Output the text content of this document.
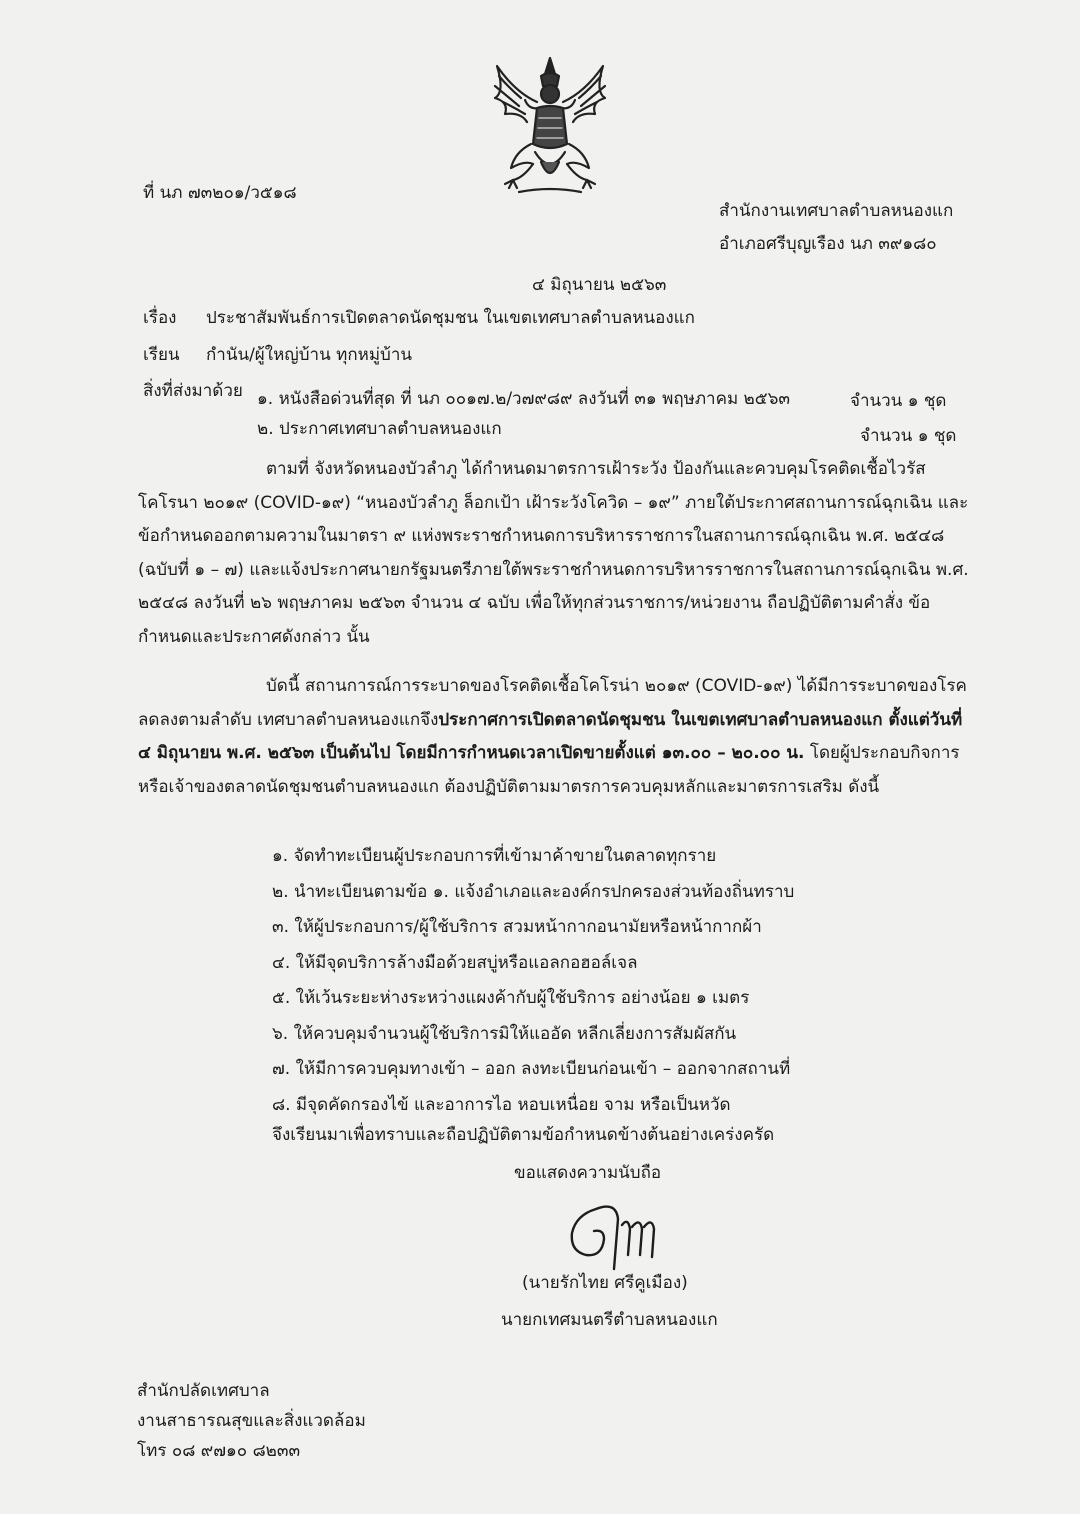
ที่ นภ ๗๓๒๐๑/ว๕๑๘
สำนักงานเทศบาลตำบลหนองแก
อำเภอศรีบุญเรือง นภ ๓๙๑๘๐
๔ มิถุนายน ๒๕๖๓
เรื่อง ประชาสัมพันธ์การเปิดตลาดนัดชุมชน ในเขตเทศบาลตำบลหนองแก
เรียน กำนัน/ผู้ใหญ่บ้าน ทุกหมู่บ้าน
สิ่งที่ส่งมาด้วย ๑. หนังสือด่วนที่สุด ที่ นภ ๐๐๑๗.๒/ว๗๙๘๙ ลงวันที่ ๓๑ พฤษภาคม ๒๕๖๓	จำนวน ๑ ชุด
๒. ประกาศเทศบาลตำบลหนองแก	จำนวน ๑ ชุด

ตามที่ จังหวัดหนองบัวลำภู ได้กำหนดมาตรการเฝ้าระวัง ป้องกันและควบคุมโรคติดเชื้อไวรัสโคโรนา ๒๐๑๙ (COVID-๑๙) “หนองบัวลำภู ล็อกเป้า เฝ้าระวังโควิด – ๑๙” ภายใต้ประกาศสถานการณ์ฉุกเฉิน และข้อกำหนดออกตามความในมาตรา ๙ แห่งพระราชกำหนดการบริหารราชการในสถานการณ์ฉุกเฉิน พ.ศ. ๒๕๔๘ (ฉบับที่ ๑ – ๗) และแจ้งประกาศนายกรัฐมนตรีภายใต้พระราชกำหนดการบริหารราชการในสถานการณ์ฉุกเฉิน พ.ศ. ๒๕๔๘ ลงวันที่ ๒๖ พฤษภาคม ๒๕๖๓ จำนวน ๔ ฉบับ เพื่อให้ทุกส่วนราชการ/หน่วยงาน ถือปฏิบัติตามคำสั่ง ข้อกำหนดและประกาศดังกล่าว นั้น

บัดนี้ สถานการณ์การระบาดของโรคติดเชื้อโคโรน่า ๒๐๑๙ (COVID-๑๙) ได้มีการระบาดของโรคลดลงตามลำดับ เทศบาลตำบลหนองแกจึงประกาศการเปิดตลาดนัดชุมชน ในเขตเทศบาลตำบลหนองแก ตั้งแต่วันที่ ๔ มิถุนายน พ.ศ. ๒๕๖๓ เป็นต้นไป โดยมีการกำหนดเวลาเปิดขายตั้งแต่ ๑๓.๐๐ – ๒๐.๐๐ น. โดยผู้ประกอบกิจการหรือเจ้าของตลาดนัดชุมชนตำบลหนองแก ต้องปฏิบัติตามมาตรการควบคุมหลักและมาตรการเสริม ดังนี้

๑. จัดทำทะเบียนผู้ประกอบการที่เข้ามาค้าขายในตลาดทุกราย
๒. นำทะเบียนตามข้อ ๑. แจ้งอำเภอและองค์กรปกครองส่วนท้องถิ่นทราบ
๓. ให้ผู้ประกอบการ/ผู้ใช้บริการ สวมหน้ากากอนามัยหรือหน้ากากผ้า
๔. ให้มีจุดบริการล้างมือด้วยสบู่หรือแอลกอฮอล์เจล
๕. ให้เว้นระยะห่างระหว่างแผงค้ากับผู้ใช้บริการ อย่างน้อย ๑ เมตร
๖. ให้ควบคุมจำนวนผู้ใช้บริการมิให้แออัด หลีกเลี่ยงการสัมผัสกัน
๗. ให้มีการควบคุมทางเข้า – ออก ลงทะเบียนก่อนเข้า – ออกจากสถานที่
๘. มีจุดคัดกรองไข้ และอาการไอ หอบเหนื่อย จาม หรือเป็นหวัด
จึงเรียนมาเพื่อทราบและถือปฏิบัติตามข้อกำหนดข้างต้นอย่างเคร่งครัด
ขอแสดงความนับถือ
(นายรักไทย ศรีคูเมือง)
นายกเทศมนตรีตำบลหนองแก
สำนักปลัดเทศบาล
งานสาธารณสุขและสิ่งแวดล้อม
โทร ๐๘ ๙๗๑๐ ๘๒๓๓
